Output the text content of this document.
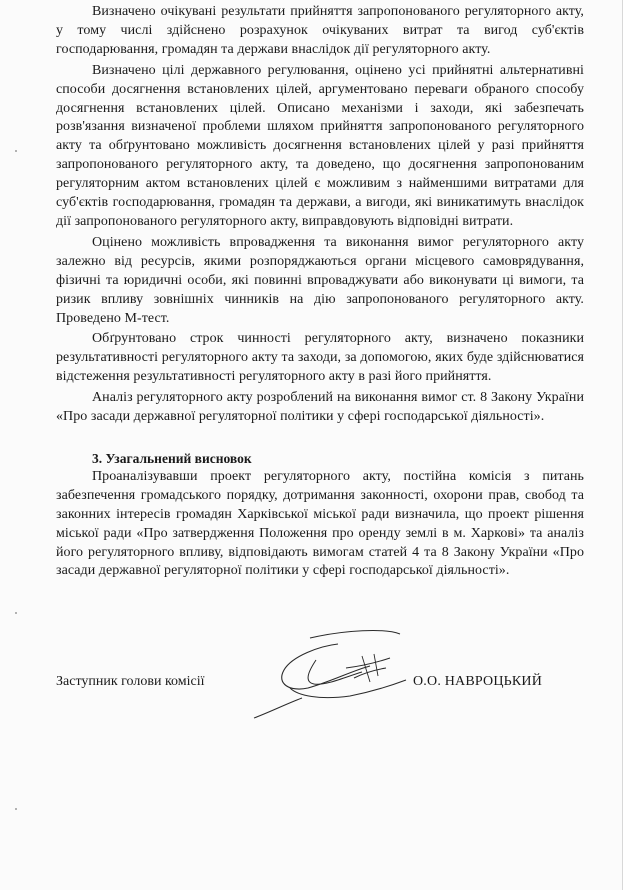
Визначено очікувані результати прийняття запропонованого регуляторного акту, у тому числі здійснено розрахунок очікуваних витрат та вигод суб'єктів господарювання, громадян та держави внаслідок дії регуляторного акту.

Визначено цілі державного регулювання, оцінено усі прийнятні альтернативні способи досягнення встановлених цілей, аргументовано переваги обраного способу досягнення встановлених цілей. Описано механізми і заходи, які забезпечать розв'язання визначеної проблеми шляхом прийняття запропонованого регуляторного акту та обґрунтовано можливість досягнення встановлених цілей у разі прийняття запропонованого регуляторного акту, та доведено, що досягнення запропонованим регуляторним актом встановлених цілей є можливим з найменшими витратами для суб'єктів господарювання, громадян та держави, а вигоди, які виникатимуть внаслідок дії запропонованого регуляторного акту, виправдовують відповідні витрати.

Оцінено можливість впровадження та виконання вимог регуляторного акту залежно від ресурсів, якими розпоряджаються органи місцевого самоврядування, фізичні та юридичні особи, які повинні впроваджувати або виконувати ці вимоги, та ризик впливу зовнішніх чинників на дію запропонованого регуляторного акту. Проведено М-тест.

Обґрунтовано строк чинності регуляторного акту, визначено показники результативності регуляторного акту та заходи, за допомогою, яких буде здійснюватися відстеження результативності регуляторного акту в разі його прийняття.

Аналіз регуляторного акту розроблений на виконання вимог ст. 8 Закону України «Про засади державної регуляторної політики у сфері господарської діяльності».

3. Узагальнений висновок

Проаналізувавши проект регуляторного акту, постійна комісія з питань забезпечення громадського порядку, дотримання законності, охорони прав, свобод та законних інтересів громадян Харківської міської ради визначила, що проект рішення міської ради «Про затвердження Положення про оренду землі в м. Харкові» та аналіз його регуляторного впливу, відповідають вимогам статей 4 та 8 Закону України «Про засади державної регуляторної політики у сфері господарської діяльності».

Заступник голови комісії	О.О. НАВРОЦЬКИЙ
